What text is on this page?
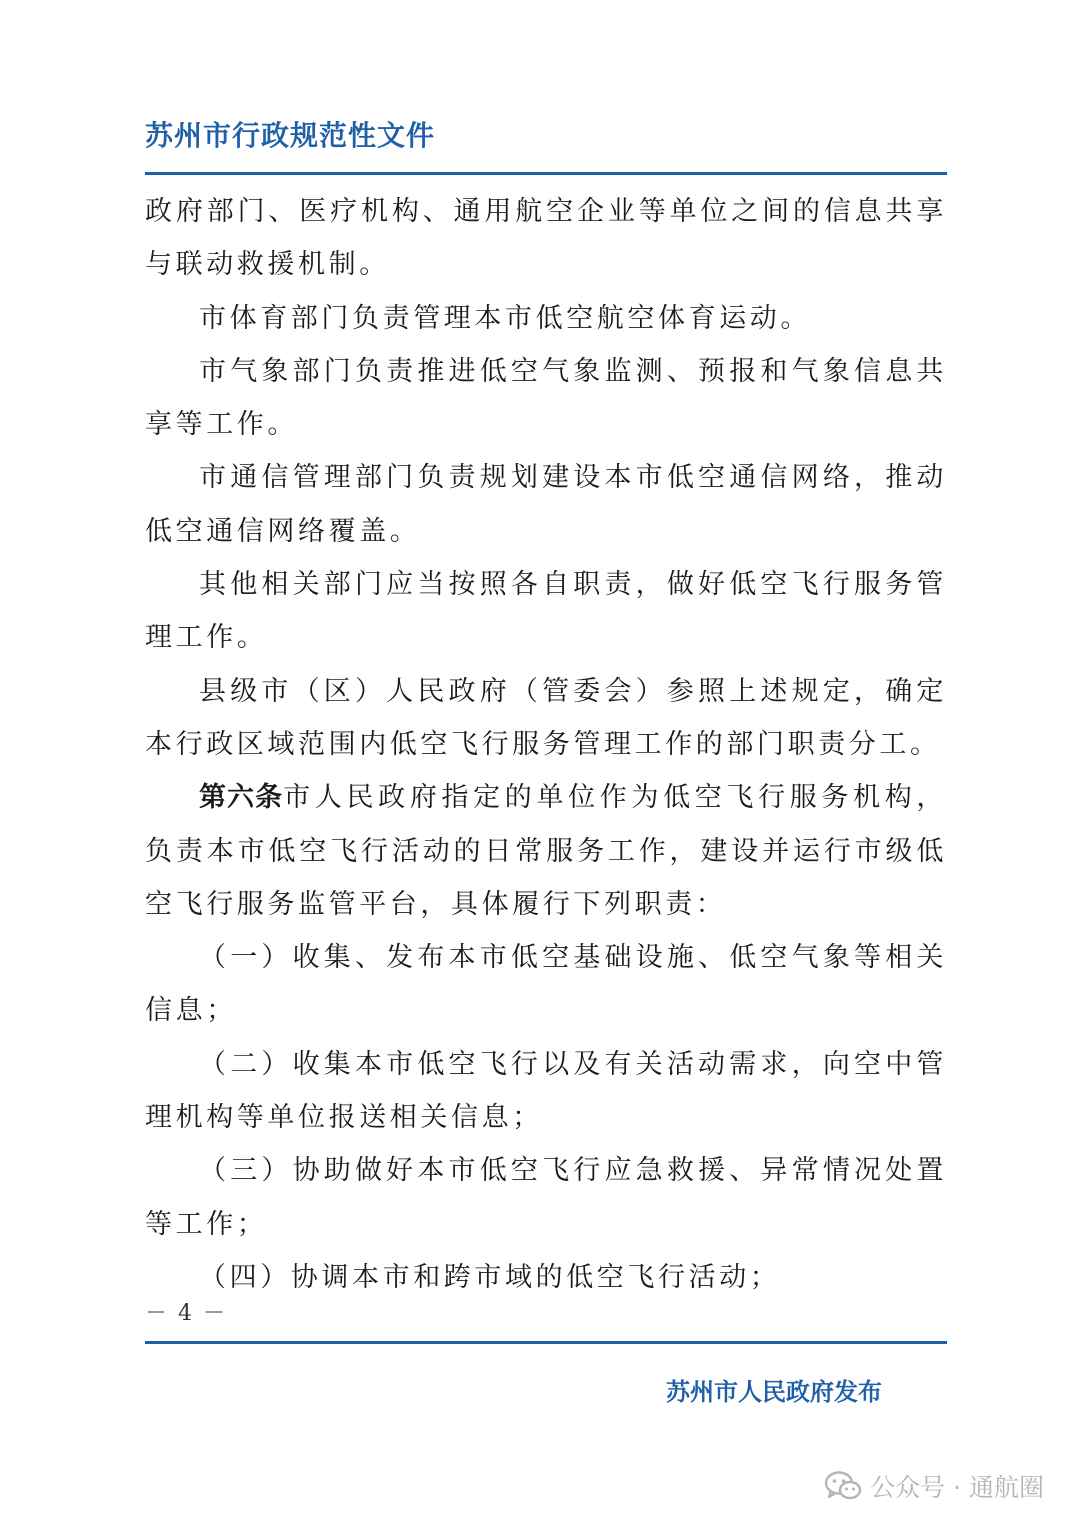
苏州市行政规范性文件

政府部门、医疗机构、通用航空企业等单位之间的信息共享与联动救援机制。

市体育部门负责管理本市低空航空体育运动。

市气象部门负责推进低空气象监测、预报和气象信息共享等工作。

市通信管理部门负责规划建设本市低空通信网络，推动低空通信网络覆盖。

其他相关部门应当按照各自职责，做好低空飞行服务管理工作。

县级市（区）人民政府（管委会）参照上述规定，确定本行政区域范围内低空飞行服务管理工作的部门职责分工。

第六条市人民政府指定的单位作为低空飞行服务机构，负责本市低空飞行活动的日常服务工作，建设并运行市级低空飞行服务监管平台，具体履行下列职责：

（一）收集、发布本市低空基础设施、低空气象等相关信息；

（二）收集本市低空飞行以及有关活动需求，向空中管理机构等单位报送相关信息；

（三）协助做好本市低空飞行应急救援、异常情况处置等工作；

（四）协调本市和跨市域的低空飞行活动；

－ 4 －
苏州市人民政府发布
公众号 · 通航圈
